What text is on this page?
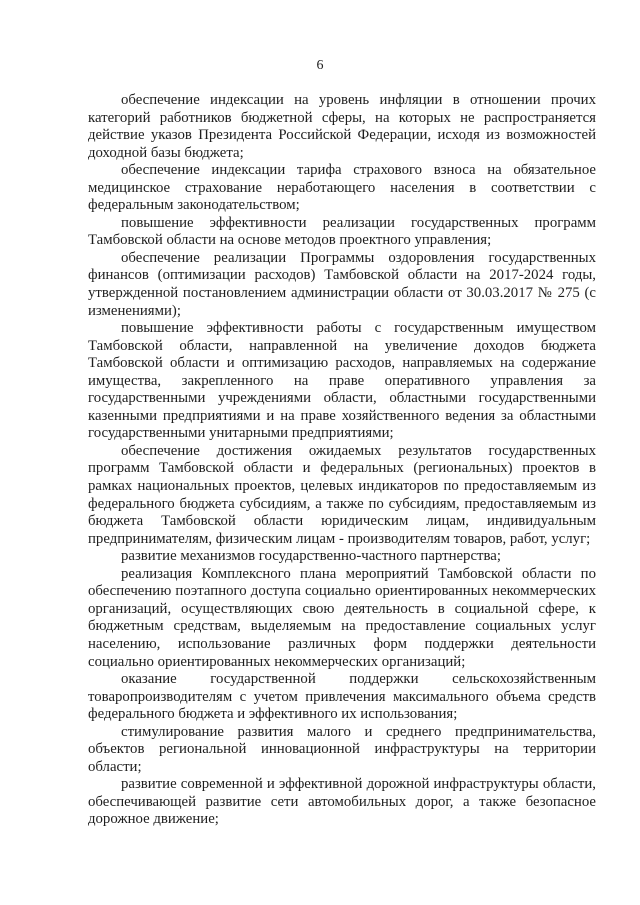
6

обеспечение индексации на уровень инфляции в отношении прочих категорий работников бюджетной сферы, на которых не распространяется действие указов Президента Российской Федерации, исходя из возможностей доходной базы бюджета;

обеспечение индексации тарифа страхового взноса на обязательное медицинское страхование неработающего населения в соответствии с федеральным законодательством;

повышение эффективности реализации государственных программ Тамбовской области на основе методов проектного управления;

обеспечение реализации Программы оздоровления государственных финансов (оптимизации расходов) Тамбовской области на 2017-2024 годы, утвержденной постановлением администрации области от 30.03.2017 № 275 (с изменениями);

повышение эффективности работы с государственным имуществом Тамбовской области, направленной на увеличение доходов бюджета Тамбовской области и оптимизацию расходов, направляемых на содержание имущества, закрепленного на праве оперативного управления за государственными учреждениями области, областными государственными казенными предприятиями и на праве хозяйственного ведения за областными государственными унитарными предприятиями;

обеспечение достижения ожидаемых результатов государственных программ Тамбовской области и федеральных (региональных) проектов в рамках национальных проектов, целевых индикаторов по предоставляемым из федерального бюджета субсидиям, а также по субсидиям, предоставляемым из бюджета Тамбовской области юридическим лицам, индивидуальным предпринимателям, физическим лицам - производителям товаров, работ, услуг;

развитие механизмов государственно-частного партнерства;

реализация Комплексного плана мероприятий Тамбовской области по обеспечению поэтапного доступа социально ориентированных некоммерческих организаций, осуществляющих свою деятельность в социальной сфере, к бюджетным средствам, выделяемым на предоставление социальных услуг населению, использование различных форм поддержки деятельности социально ориентированных некоммерческих организаций;

оказание государственной поддержки сельскохозяйственным товаропроизводителям с учетом привлечения максимального объема средств федерального бюджета и эффективного их использования;

стимулирование развития малого и среднего предпринимательства, объектов региональной инновационной инфраструктуры на территории области;

развитие современной и эффективной дорожной инфраструктуры области, обеспечивающей развитие сети автомобильных дорог, а также безопасное дорожное движение;
